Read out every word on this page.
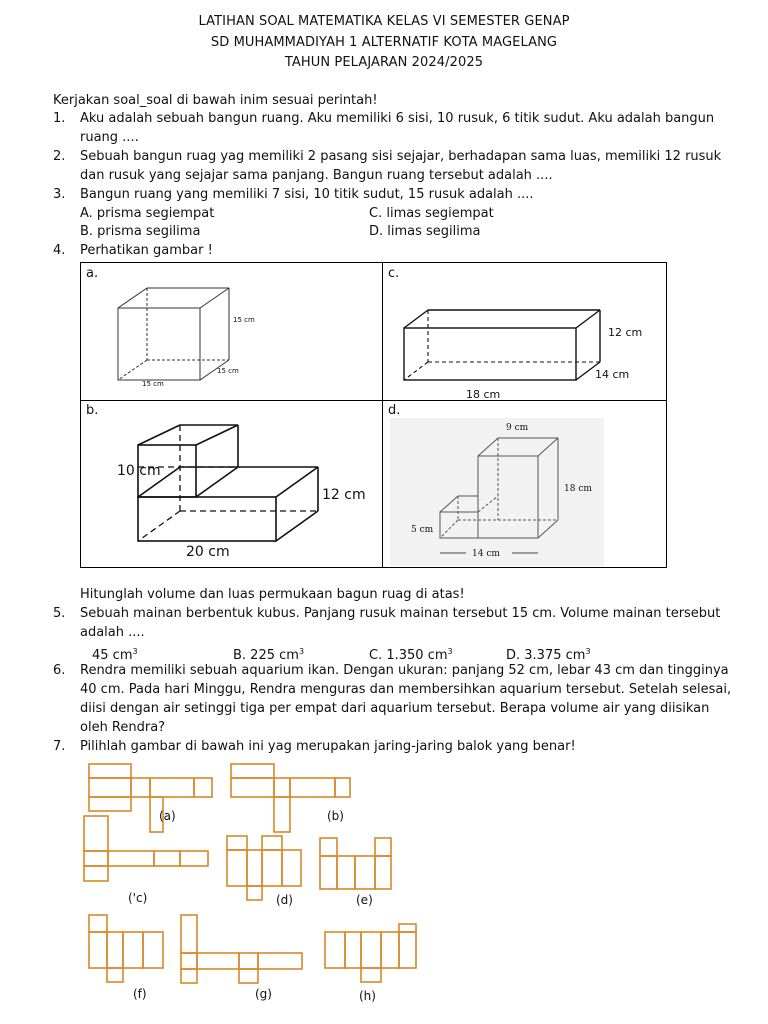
LATIHAN SOAL MATEMATIKA KELAS VI SEMESTER GENAP
SD MUHAMMADIYAH 1 ALTERNATIF KOTA MAGELANG
TAHUN PELAJARAN 2024/2025
Kerjakan soal_soal di bawah inim sesuai perintah!
1. Aku adalah sebuah bangun ruang. Aku memiliki 6 sisi, 10 rusuk, 6 titik sudut. Aku adalah bangun
ruang ....
2. Sebuah bangun ruag yag memiliki 2 pasang sisi sejajar, berhadapan sama luas, memiliki 12 rusuk
dan rusuk yang sejajar sama panjang. Bangun ruang tersebut adalah ....
3. Bangun ruang yang memiliki 7 sisi, 10 titik sudut, 15 rusuk adalah ....
A. prisma segiempat	C. limas segiempat
B. prisma segilima	D. limas segilima
4. Perhatikan gambar !
a.	c.
b.	d.
15 cm
15 cm
15 cm
10 cm
12 cm
20 cm
12 cm
14 cm
18 cm
9 cm
18 cm
5 cm
14 cm
Hitunglah volume dan luas permukaan bagun ruag di atas!
5. Sebuah mainan berbentuk kubus. Panjang rusuk mainan tersebut 15 cm. Volume mainan tersebut
adalah ....
45 $cm^3$	B. 225 $cm^3$	C. 1.350 $cm^3$	D. 3.375 $cm^3$
6. Rendra memiliki sebuah aquarium ikan. Dengan ukuran: panjang 52 cm, lebar 43 cm dan tingginya
40 cm. Pada hari Minggu, Rendra menguras dan membersihkan aquarium tersebut. Setelah selesai,
diisi dengan air setinggi tiga per empat dari aquarium tersebut. Berapa volume air yang diisikan
oleh Rendra?
7. Pilihlah gambar di bawah ini yag merupakan jaring-jaring balok yang benar!
(a)	(b)
('c)	(d)	(e)
(f)	(g)	(h)
